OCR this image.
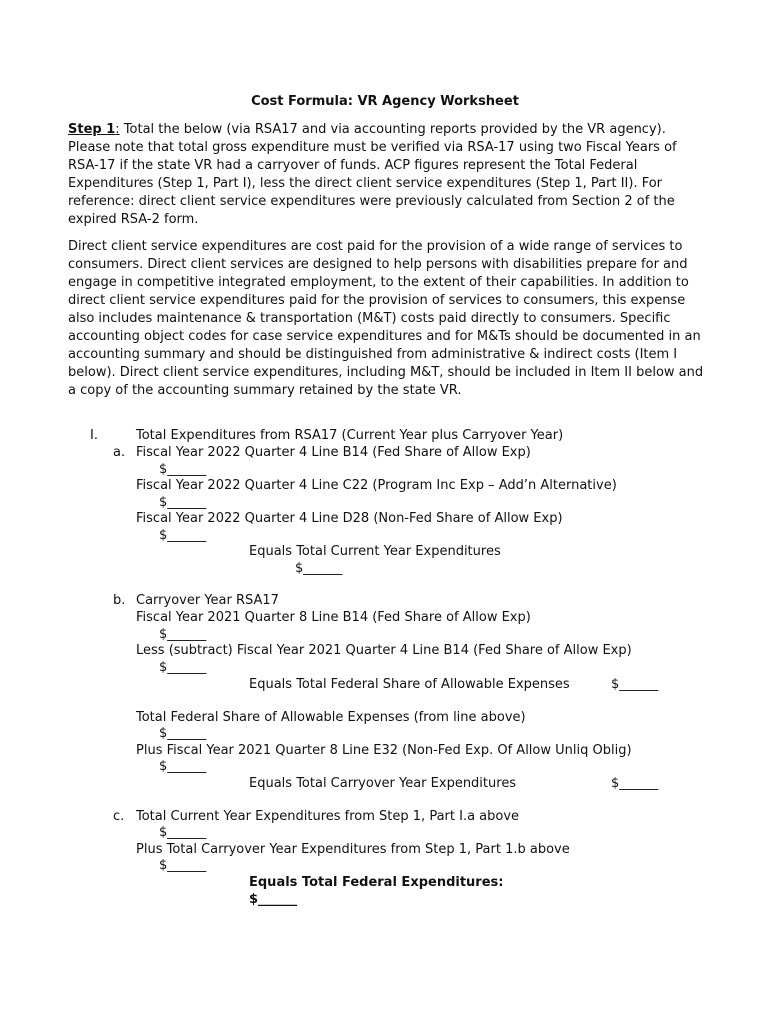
Cost Formula: VR Agency Worksheet

Step 1: Total the below (via RSA17 and via accounting reports provided by the VR agency). Please note that total gross expenditure must be verified via RSA-17 using two Fiscal Years of RSA-17 if the state VR had a carryover of funds. ACP figures represent the Total Federal Expenditures (Step 1, Part I), less the direct client service expenditures (Step 1, Part II). For reference: direct client service expenditures were previously calculated from Section 2 of the expired RSA-2 form.

Direct client service expenditures are cost paid for the provision of a wide range of services to consumers. Direct client services are designed to help persons with disabilities prepare for and engage in competitive integrated employment, to the extent of their capabilities. In addition to direct client service expenditures paid for the provision of services to consumers, this expense also includes maintenance & transportation (M&T) costs paid directly to consumers. Specific accounting object codes for case service expenditures and for M&Ts should be documented in an accounting summary and should be distinguished from administrative & indirect costs (Item I below). Direct client service expenditures, including M&T, should be included in Item II below and a copy of the accounting summary retained by the state VR.

I.	Total Expenditures from RSA17 (Current Year plus Carryover Year)
a. Fiscal Year 2022 Quarter 4 Line B14 (Fed Share of Allow Exp)
$______
Fiscal Year 2022 Quarter 4 Line C22 (Program Inc Exp – Add’n Alternative)
$______
Fiscal Year 2022 Quarter 4 Line D28 (Non-Fed Share of Allow Exp)
$______
Equals Total Current Year Expenditures
$______
b. Carryover Year RSA17
Fiscal Year 2021 Quarter 8 Line B14 (Fed Share of Allow Exp)
$______
Less (subtract) Fiscal Year 2021 Quarter 4 Line B14 (Fed Share of Allow Exp)
$______
Equals Total Federal Share of Allowable Expenses	$______
Total Federal Share of Allowable Expenses (from line above)
$______
Plus Fiscal Year 2021 Quarter 8 Line E32 (Non-Fed Exp. Of Allow Unliq Oblig)
$______
Equals Total Carryover Year Expenditures	$______
c. Total Current Year Expenditures from Step 1, Part I.a above
$______
Plus Total Carryover Year Expenditures from Step 1, Part 1.b above
$______
Equals Total Federal Expenditures:
$______
